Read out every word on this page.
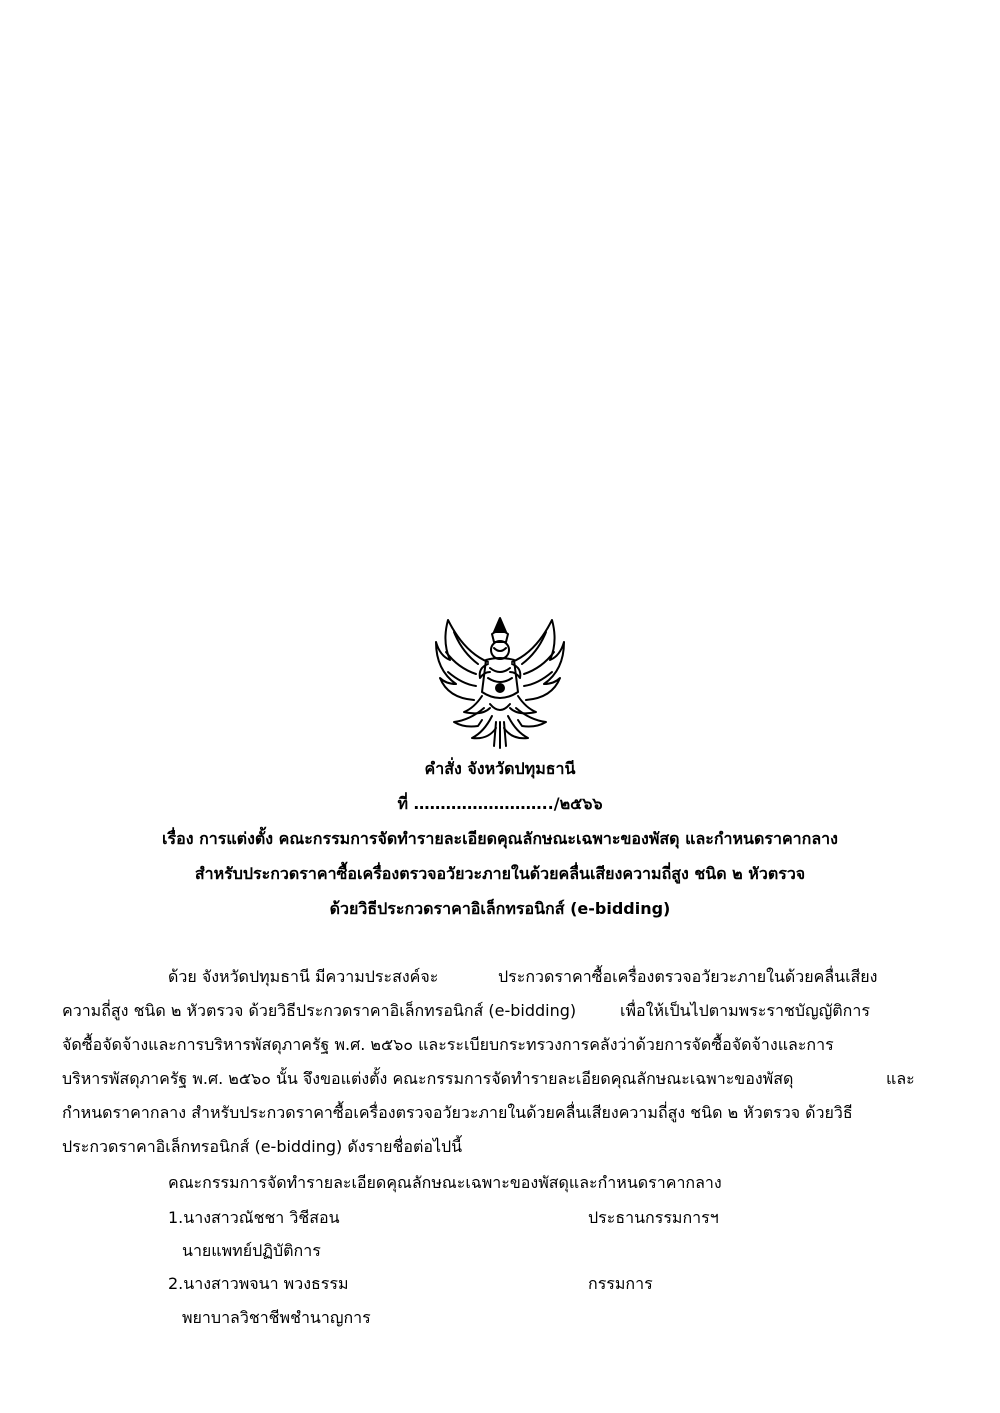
คำสั่ง จังหวัดปทุมธานี
ที่ ……………………../๒๕๖๖
เรื่อง การแต่งตั้ง คณะกรรมการจัดทำรายละเอียดคุณลักษณะเฉพาะของพัสดุ และกำหนดราคากลาง
สำหรับประกวดราคาซื้อเครื่องตรวจอวัยวะภายในด้วยคลื่นเสียงความถี่สูง ชนิด ๒ หัวตรวจ
ด้วยวิธีประกวดราคาอิเล็กทรอนิกส์ (e-bidding)
ด้วย จังหวัดปทุมธานี มีความประสงค์จะ	ประกวดราคาซื้อเครื่องตรวจอวัยวะภายในด้วยคลื่นเสียง
ความถี่สูง ชนิด ๒ หัวตรวจ ด้วยวิธีประกวดราคาอิเล็กทรอนิกส์ (e-bidding)	เพื่อให้เป็นไปตามพระราชบัญญัติการ
จัดซื้อจัดจ้างและการบริหารพัสดุภาครัฐ พ.ศ. ๒๕๖๐ และระเบียบกระทรวงการคลังว่าด้วยการจัดซื้อจัดจ้างและการ
บริหารพัสดุภาครัฐ พ.ศ. ๒๕๖๐ นั้น จึงขอแต่งตั้ง คณะกรรมการจัดทำรายละเอียดคุณลักษณะเฉพาะของพัสดุ	และ
กำหนดราคากลาง สำหรับประกวดราคาซื้อเครื่องตรวจอวัยวะภายในด้วยคลื่นเสียงความถี่สูง ชนิด ๒ หัวตรวจ ด้วยวิธี
ประกวดราคาอิเล็กทรอนิกส์ (e-bidding) ดังรายชื่อต่อไปนี้
คณะกรรมการจัดทำรายละเอียดคุณลักษณะเฉพาะของพัสดุและกำหนดราคากลาง
1.นางสาวณัชชา วิชีสอน	ประธานกรรมการฯ
นายแพทย์ปฏิบัติการ
2.นางสาวพจนา พวงธรรม	กรรมการ
พยาบาลวิชาชีพชำนาญการ
